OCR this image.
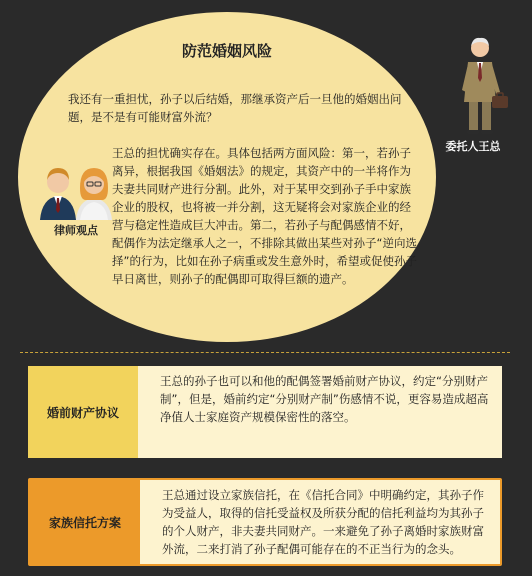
防范婚姻风险
我还有一重担忧，孙子以后结婚，那继承资产后一旦他的婚姻出问题，是不是有可能财富外流？
王总的担忧确实存在。具体包括两方面风险：第一，若孙子离异，根据我国《婚姻法》的规定，其资产中的一半将作为夫妻共同财产进行分割。此外，对于某甲交到孙子手中家族企业的股权，也将被一并分割，这无疑将会对家族企业的经营与稳定性造成巨大冲击。第二，若孙子与配偶感情不好，配偶作为法定继承人之一，不排除其做出某些对孙子“逆向选择”的行为，比如在孙子病重或发生意外时，希望或促使孙子早日离世，则孙子的配偶即可取得巨额的遗产。
委托人王总
律师观点
婚前财产协议
王总的孙子也可以和他的配偶签署婚前财产协议，约定“分别财产制”，但是，婚前约定“分别财产制”伤感情不说，更容易造成超高净值人士家庭资产规模保密性的落空。
家族信托方案
王总通过设立家族信托，在《信托合同》中明确约定，其孙子作为受益人，取得的信托受益权及所获分配的信托利益均为其孙子的个人财产，非夫妻共同财产。一来避免了孙子离婚时家族财富外流，二来打消了孙子配偶可能存在的不正当行为的念头。
